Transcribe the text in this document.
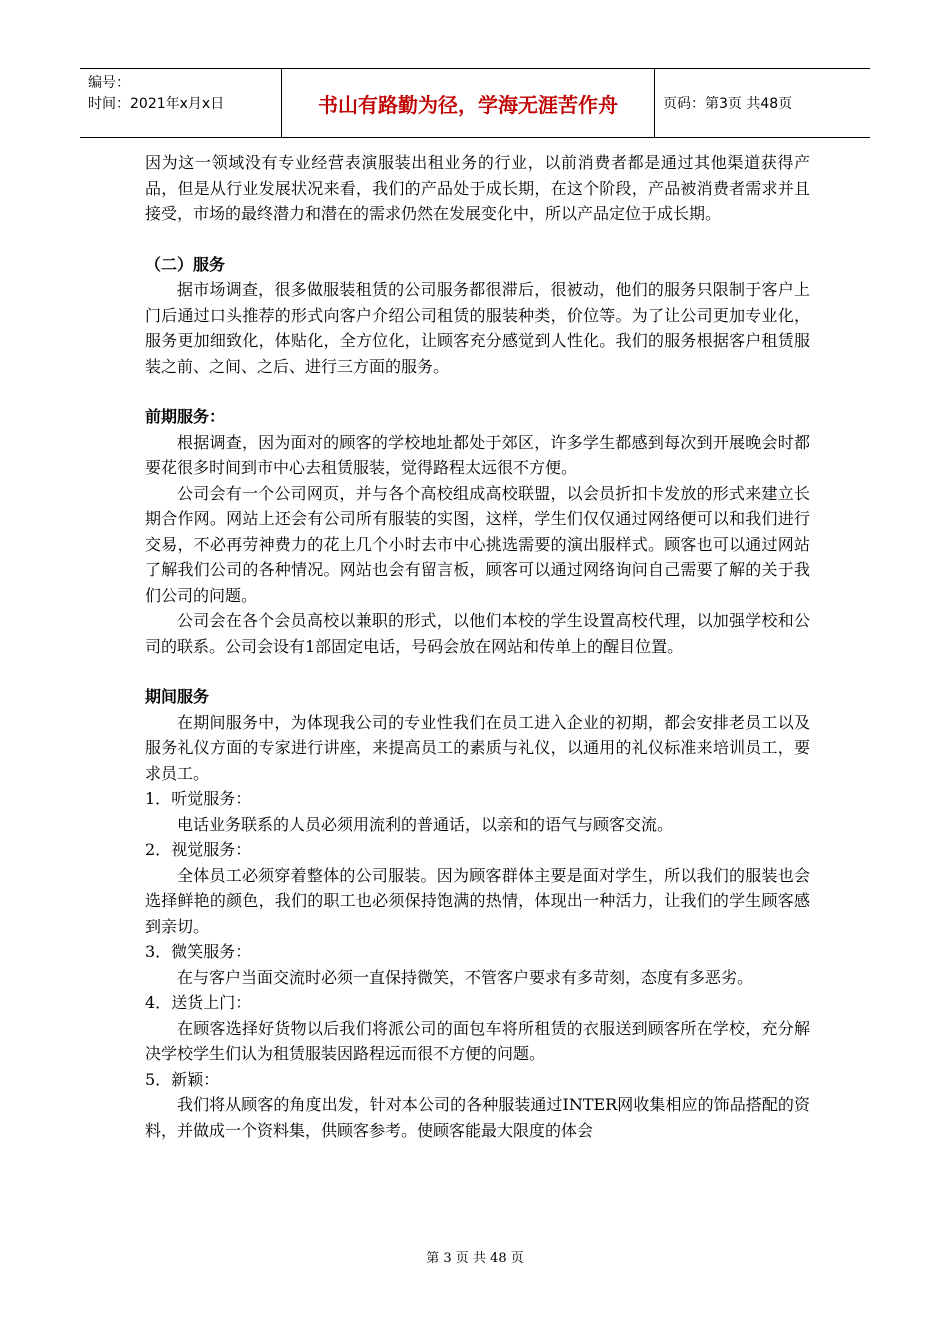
编号：
时间：2021年x月x日	书山有路勤为径，学海无涯苦作舟	页码：第3页 共48页

因为这一领域没有专业经营表演服装出租业务的行业，以前消费者都是通过其他渠道获得产品，但是从行业发展状况来看，我们的产品处于成长期，在这个阶段，产品被消费者需求并且接受，市场的最终潜力和潜在的需求仍然在发展变化中，所以产品定位于成长期。

（二）服务

据市场调查，很多做服装租赁的公司服务都很滞后，很被动，他们的服务只限制于客户上门后通过口头推荐的形式向客户介绍公司租赁的服装种类，价位等。为了让公司更加专业化，服务更加细致化，体贴化，全方位化，让顾客充分感觉到人性化。我们的服务根据客户租赁服装之前、之间、之后、进行三方面的服务。

前期服务：

根据调查，因为面对的顾客的学校地址都处于郊区，许多学生都感到每次到开展晚会时都要花很多时间到市中心去租赁服装，觉得路程太远很不方便。

公司会有一个公司网页，并与各个高校组成高校联盟，以会员折扣卡发放的形式来建立长期合作网。网站上还会有公司所有服装的实图，这样，学生们仅仅通过网络便可以和我们进行交易，不必再劳神费力的花上几个小时去市中心挑选需要的演出服样式。顾客也可以通过网站了解我们公司的各种情况。网站也会有留言板，顾客可以通过网络询问自己需要了解的关于我们公司的问题。

公司会在各个会员高校以兼职的形式，以他们本校的学生设置高校代理，以加强学校和公司的联系。公司会设有1部固定电话，号码会放在网站和传单上的醒目位置。

期间服务

在期间服务中，为体现我公司的专业性我们在员工进入企业的初期，都会安排老员工以及服务礼仪方面的专家进行讲座，来提高员工的素质与礼仪，以通用的礼仪标准来培训员工，要求员工。

1．听觉服务：

电话业务联系的人员必须用流利的普通话，以亲和的语气与顾客交流。

2．视觉服务：

全体员工必须穿着整体的公司服装。因为顾客群体主要是面对学生，所以我们的服装也会选择鲜艳的颜色，我们的职工也必须保持饱满的热情，体现出一种活力，让我们的学生顾客感到亲切。

3．微笑服务：

在与客户当面交流时必须一直保持微笑，不管客户要求有多苛刻，态度有多恶劣。

4．送货上门：

在顾客选择好货物以后我们将派公司的面包车将所租赁的衣服送到顾客所在学校，充分解决学校学生们认为租赁服装因路程远而很不方便的问题。

5．新颖：

我们将从顾客的角度出发，针对本公司的各种服装通过INTER网收集相应的饰品搭配的资料，并做成一个资料集，供顾客参考。使顾客能最大限度的体会

第 3 页 共 48 页
